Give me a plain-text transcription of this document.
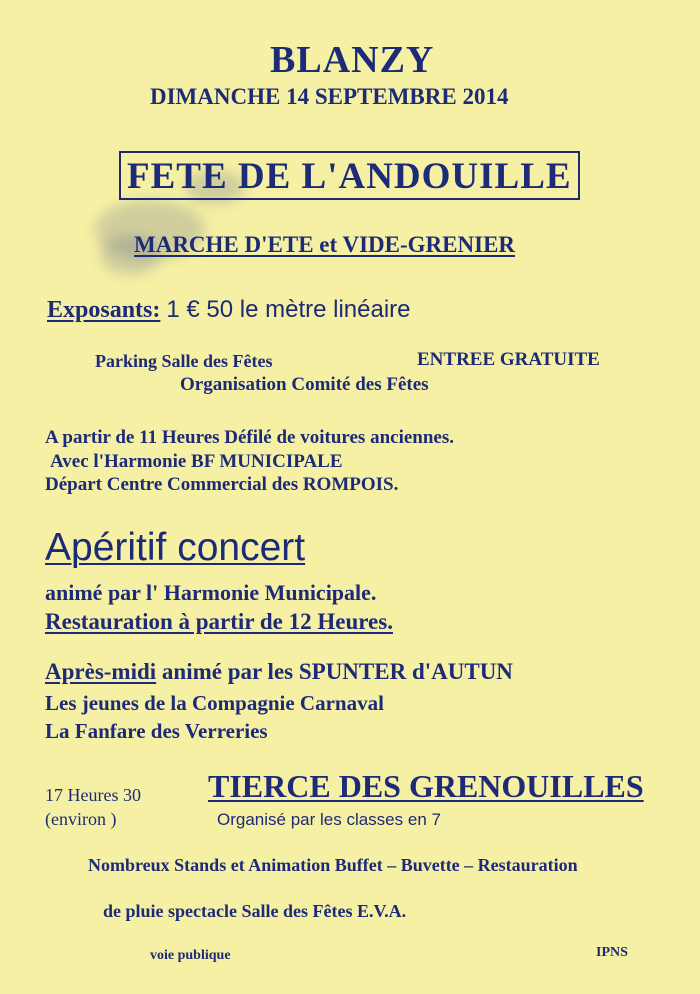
BLANZY
DIMANCHE 14 SEPTEMBRE 2014
FETE DE L'ANDOUILLE
MARCHE D'ETE et VIDE-GRENIER
Exposants: 1 € 50 le mètre linéaire
Parking Salle des Fêtes	ENTREE GRATUITE
Organisation Comité des Fêtes
A partir de 11 Heures Défilé de voitures anciennes.
Avec l'Harmonie BF MUNICIPALE
Départ Centre Commercial des ROMPOIS.
Apéritif concert
animé par l' Harmonie Municipale.
Restauration à partir de 12 Heures.
Après-midi animé par les SPUNTER d'AUTUN
Les jeunes de la Compagnie Carnaval
La Fanfare des Verreries
17 Heures 30
(environ )
TIERCE DES GRENOUILLES
Organisé par les classes en 7
Nombreux Stands et Animation Buffet – Buvette – Restauration
de pluie spectacle Salle des Fêtes E.V.A.
voie publique	IPNS
